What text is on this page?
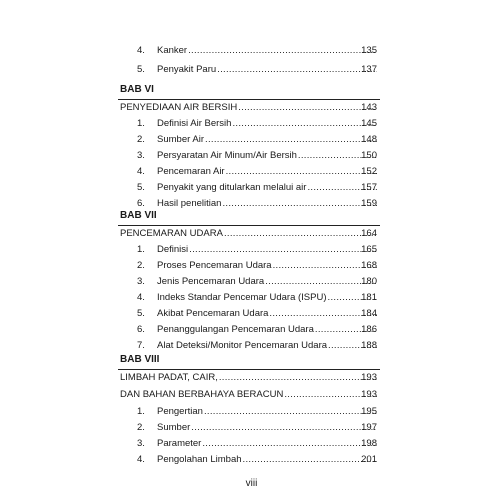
4. Kanker .....	135
5. Penyakit Paru .....	137
BAB VI
PENYEDIAAN AIR BERSIH .....	143
1. Definisi Air Bersih .....	145
2. Sumber Air .....	148
3. Persyaratan Air Minum/Air Bersih .....	150
4. Pencemaran Air .....	152
5. Penyakit yang ditularkan melalui air .....	157
6. Hasil penelitian .....	159
BAB VII
PENCEMARAN UDARA .....	164
1. Definisi .....	165
2. Proses Pencemaran Udara .....	168
3. Jenis Pencemaran Udara .....	180
4. Indeks Standar Pencemar Udara (ISPU) .....	181
5. Akibat Pencemaran Udara .....	184
6. Penanggulangan Pencemaran Udara .....	186
7. Alat Deteksi/Monitor Pencemaran Udara .....	188
BAB VIII
LIMBAH PADAT, CAIR, .....	193
DAN BAHAN BERBAHAYA BERACUN .....	193
1. Pengertian .....	195
2. Sumber .....	197
3. Parameter .....	198
4. Pengolahan Limbah .....	201
viii
